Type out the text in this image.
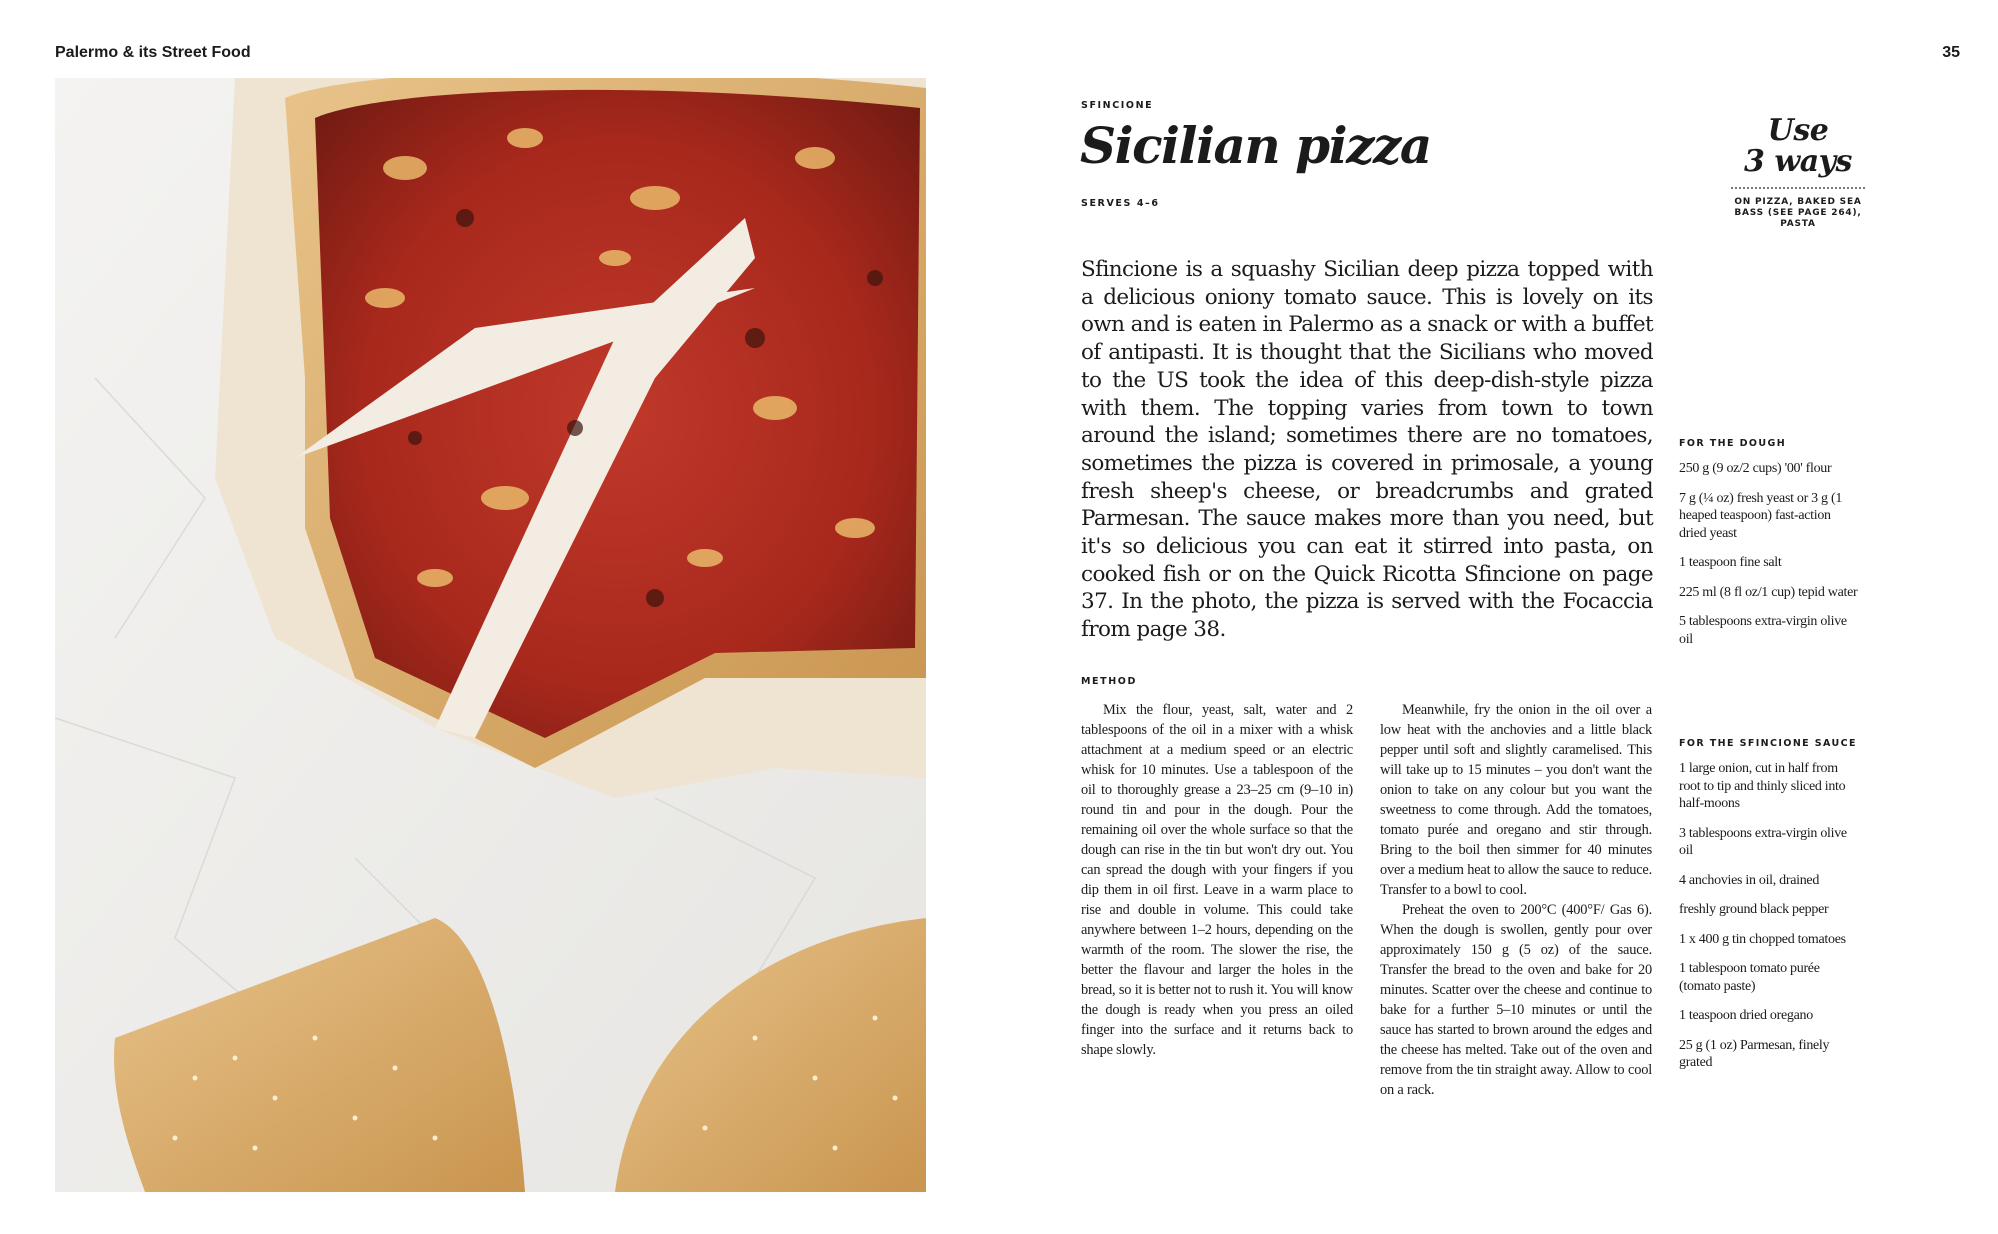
Palermo & its Street Food	35
SFINCIONE
Sicilian pizza
SERVES 4–6
Use
3 ways
ON PIZZA, BAKED SEA BASS (SEE PAGE 264), PASTA

Sfincione is a squashy Sicilian deep pizza topped with a delicious oniony tomato sauce. This is lovely on its own and is eaten in Palermo as a snack or with a buffet of antipasti. It is thought that the Sicilians who moved to the US took the idea of this deep-dish-style pizza with them. The topping varies from town to town around the island; sometimes there are no tomatoes, sometimes the pizza is covered in primosale, a young fresh sheep's cheese, or breadcrumbs and grated Parmesan. The sauce makes more than you need, but it's so delicious you can eat it stirred into pasta, on cooked fish or on the Quick Ricotta Sfincione on page 37. In the photo, the pizza is served with the Focaccia from page 38.

METHOD

Mix the flour, yeast, salt, water and 2 tablespoons of the oil in a mixer with a whisk attachment at a medium speed or an electric whisk for 10 minutes. Use a tablespoon of the oil to thoroughly grease a 23–25 cm (9–10 in) round tin and pour in the dough. Pour the remaining oil over the whole surface so that the dough can rise in the tin but won't dry out. You can spread the dough with your fingers if you dip them in oil first. Leave in a warm place to rise and double in volume. This could take anywhere between 1–2 hours, depending on the warmth of the room. The slower the rise, the better the flavour and larger the holes in the bread, so it is better not to rush it. You will know the dough is ready when you press an oiled finger into the surface and it returns back to shape slowly.

Meanwhile, fry the onion in the oil over a low heat with the anchovies and a little black pepper until soft and slightly caramelised. This will take up to 15 minutes – you don't want the onion to take on any colour but you want the sweetness to come through. Add the tomatoes, tomato purée and oregano and stir through. Bring to the boil then simmer for 40 minutes over a medium heat to allow the sauce to reduce. Transfer to a bowl to cool.

Preheat the oven to 200°C (400°F/ Gas 6). When the dough is swollen, gently pour over approximately 150 g (5 oz) of the sauce. Transfer the bread to the oven and bake for 20 minutes. Scatter over the cheese and continue to bake for a further 5–10 minutes or until the sauce has started to brown around the edges and the cheese has melted. Take out of the oven and remove from the tin straight away. Allow to cool on a rack.

FOR THE DOUGH
250 g (9 oz/2 cups) '00' flour
7 g (¼ oz) fresh yeast or 3 g (1 heaped teaspoon) fast-action dried yeast
1 teaspoon fine salt
225 ml (8 fl oz/1 cup) tepid water
5 tablespoons extra-virgin olive oil
FOR THE SFINCIONE SAUCE
1 large onion, cut in half from root to tip and thinly sliced into half-moons
3 tablespoons extra-virgin olive oil
4 anchovies in oil, drained
freshly ground black pepper
1 x 400 g tin chopped tomatoes
1 tablespoon tomato purée (tomato paste)
1 teaspoon dried oregano
25 g (1 oz) Parmesan, finely grated
